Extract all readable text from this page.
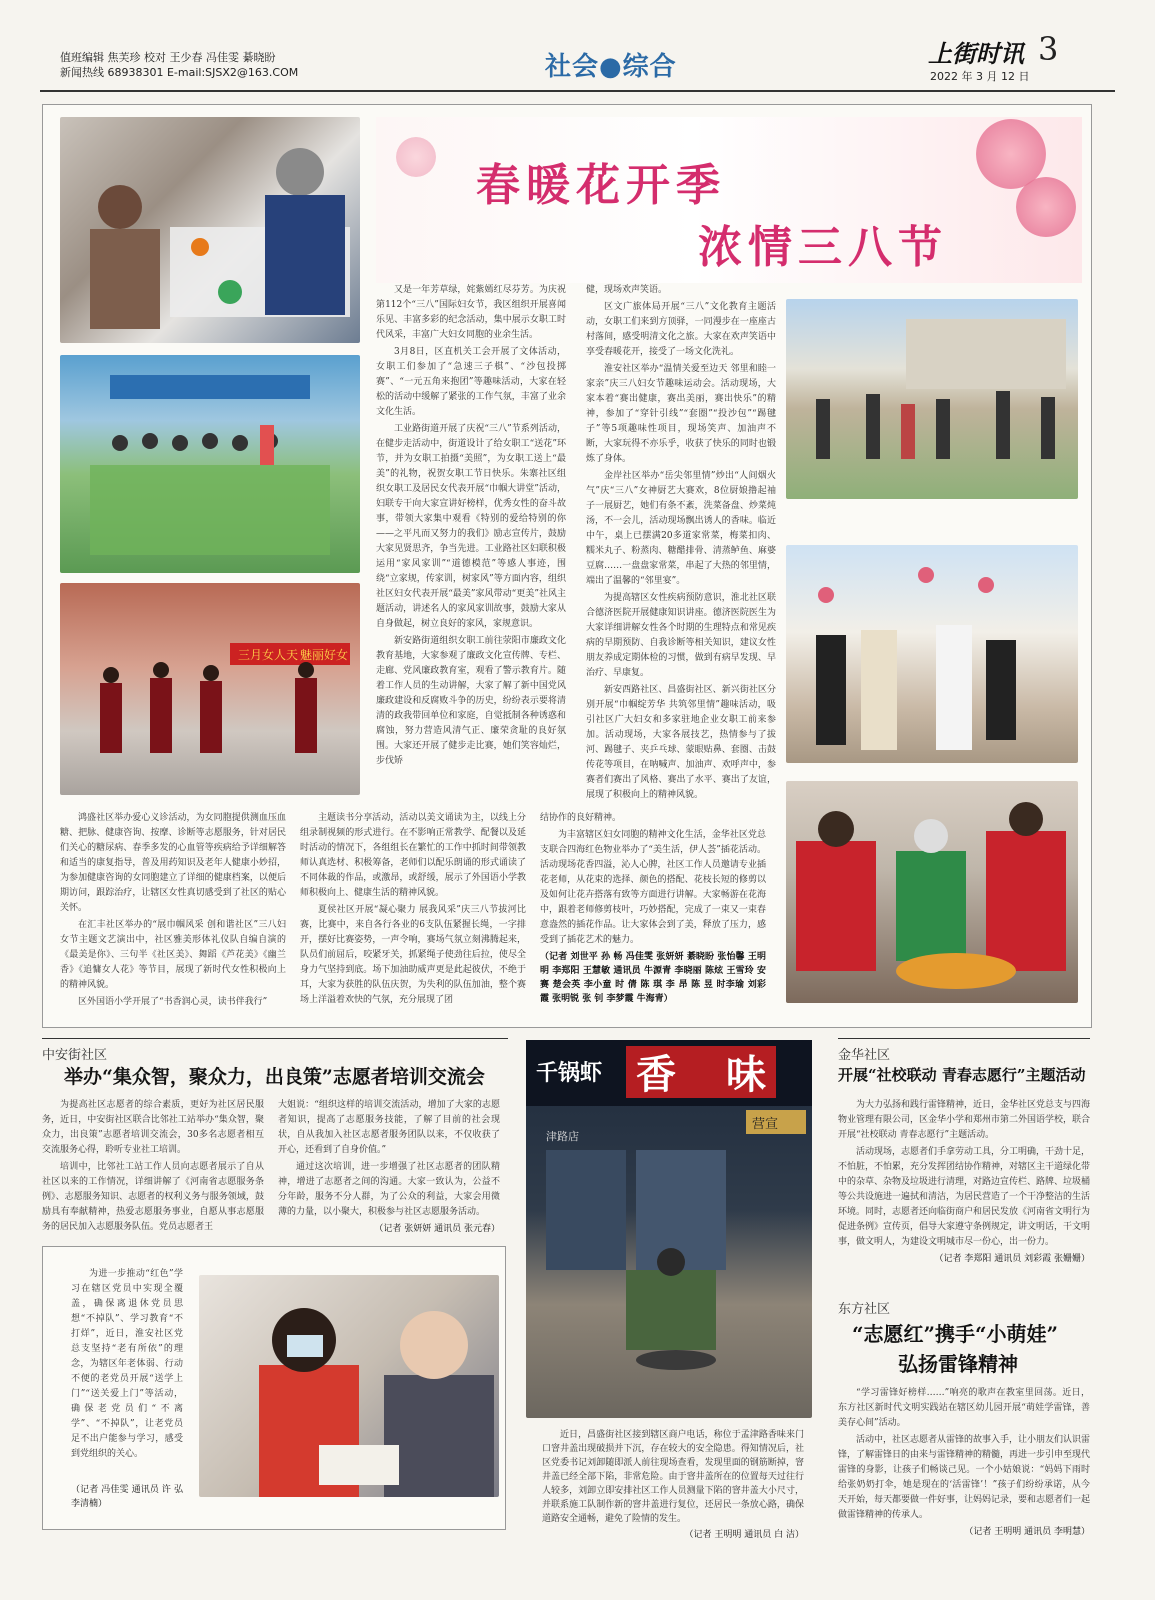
值班编辑 焦芙珍 校对 王少春 冯佳雯 綦晓盼
新闻热线 68938301 E-mail:SJSX2@163.COM	社会●综合	上街时讯
2022 年 3 月 12 日
3
三月女人天 魅丽好女
春暖花开季
浓情三八节

又是一年芳草绿，姹紫嫣红尽芬芳。为庆祝第112个“三八”国际妇女节，我区组织开展喜闻乐见、丰富多彩的纪念活动，集中展示女职工时代风采，丰富广大妇女同胞的业余生活。

3月8日，区直机关工会开展了文体活动，女职工们参加了“急速三子棋”、“沙包投掷赛”、“一元五角来抱团”等趣味活动，大家在轻松的活动中缓解了紧张的工作气氛，丰富了业余文化生活。

工业路街道开展了庆祝“三八”节系列活动，在健步走活动中，街道设计了给女职工“送花”环节，并为女职工拍摄“美照”，为女职工送上“最美”的礼物，祝贺女职工节日快乐。朱寨社区组织女职工及居民女代表开展“巾帼大讲堂”活动，妇联专干向大家宣讲好榜样，优秀女性的奋斗故事，带领大家集中观看《特别的爱给特别的你——之平凡而又努力的我们》励志宣传片，鼓励大家见贤思齐，争当先进。工业路社区妇联积极运用“家风家训”“道德模范”等感人事迹，围绕“立家规，传家训，树家风”等方面内容，组织社区妇女代表开展“最美”家风带动“更美”社风主题活动，讲述名人的家风家训故事，鼓励大家从自身做起，树立良好的家风，家规意识。

新安路街道组织女职工前往荥阳市廉政文化教育基地，大家参观了廉政文化宣传牌、专栏、走廊、党风廉政教育室，观看了警示教育片。随着工作人员的生动讲解，大家了解了新中国党风廉政建设和反腐败斗争的历史，纷纷表示要将清清的政我带回单位和家庭，自觉抵制各种诱惑和腐蚀，努力营造风清气正、廉荣贪耻的良好氛围。大家还开展了健步走比赛，她们笑容灿烂，步伐矫

健，现场欢声笑语。

区文广旅体局开展“三八”文化教育主题活动，女职工们来到方顶驿，一同漫步在一座座古村落间，感受明清文化之旅。大家在欢声笑语中享受春暖花开，接受了一场文化洗礼。

淮安社区举办“温情关爱至边天 邻里和睦一家亲”庆三八妇女节趣味运动会。活动现场，大家本着“赛出健康，赛出美丽，赛出快乐”的精神，参加了“穿针引线”“套圈”“投沙包”“踢毽子”等5项趣味性项目，现场笑声、加油声不断，大家玩得不亦乐乎，收获了快乐的同时也锻炼了身体。

金岸社区举办“岳尖邻里情”炒出“人间烟火气”庆“三八”女神厨艺大赛欢，8位厨娘撸起袖子一展厨艺，她们有条不紊，洗菜备盘、炒菜炖汤，不一会儿，活动现场飘出诱人的香味。临近中午，桌上已摆满20多道家常菜，梅菜扣肉、糯米丸子、粉蒸肉、糖醋排骨、清蒸鲈鱼、麻婆豆腐……一盘盘家常菜，串起了大热的邻里情，端出了温馨的“邻里宴”。

为提高辖区女性疾病预防意识，淮北社区联合德济医院开展健康知识讲座。德济医院医生为大家详细讲解女性各个时期的生理特点和常见疾病的早期预防、自我诊断等相关知识，建议女性朋友养成定期体检的习惯，做到有病早发现、早治疗、早康复。

新安西路社区、昌盛街社区、新兴街社区分别开展“巾帼绽芳华 共筑邻里情”趣味活动，吸引社区广大妇女和多家驻地企业女职工前来参加。活动现场，大家各展技艺，热情参与了拔河、踢毽子、夹乒乓球、蒙眼贴鼻、套圈、击鼓传花等项目，在呐喊声、加油声、欢呼声中，参赛者们赛出了风格、赛出了水平、赛出了友谊，展现了积极向上的精神风貌。

鸿盛社区举办爱心义诊活动，为女同胞提供测血压血糖、把脉、健康咨询、按摩、诊断等志愿服务，针对居民们关心的糖尿病、春季多发的心血管等疾病给予详细解答和适当的康复指导，普及用药知识及老年人健康小妙招，为参加健康咨询的女同胞建立了详细的健康档案，以便后期访问，跟踪治疗，让辖区女性真切感受到了社区的贴心关怀。

在汇丰社区举办的“展巾帼风采 创和谐社区”三八妇女节主题文艺演出中，社区雅美形体礼仪队自编自演的《最美是你》、三句半《社区美》、舞蹈《芦花美》《幽兰香》《追慵女人花》等节目，展现了新时代女性积极向上的精神风貌。

区外国语小学开展了“书香润心灵，读书伴我行”

主题读书分享活动，活动以美文诵读为主，以线上分组录制视频的形式进行。在不影响正常教学、配餐以及延时活动的情况下，各组组长在繁忙的工作中抓时间带领教师认真选材、积极筹备，老师们以配乐朗诵的形式诵读了不同体裁的作品，或激昂，或舒缓，展示了外国语小学教师积极向上、健康生活的精神风貌。

夏侯社区开展“凝心聚力 展我风采”庆三八节拔河比赛，比赛中，来自各行各业的6支队伍紧握长绳，一字排开，摆好比赛姿势，一声令响，赛场气氛立刻沸腾起来，队员们前屈后，咬紧牙关，抓紧绳子使劲往后拉，使尽全身力气坚持到底。场下加油助威声更是此起彼伏，不绝于耳，大家为获胜的队伍庆贺，为失利的队伍加油，整个赛场上洋溢着欢快的气氛，充分展现了团

结协作的良好精神。

为丰富辖区妇女同胞的精神文化生活，金华社区党总支联合四海红色物业举办了“美生活，伊人荟”插花活动。活动现场花香四溢，沁人心脾，社区工作人员邀请专业插花老师，从花束的选择、颜色的搭配、花枝长短的修剪以及如何让花卉搭落有致等方面进行讲解。大家畅游在花海中，跟着老师修剪枝叶，巧妙搭配，完成了一束又一束春意盎然的插花作品。让大家体会到了美，释放了压力，感受到了插花艺术的魅力。

（记者 刘世平 孙 畅 冯佳雯 张妍妍 綦晓盼 张怡馨 王明明 李郑阳 王慧敏 通讯员 牛源青 李晓丽 陈炫 王雪玲 安 赛 楚会英 李小童 时 倩 陈 琪 李 昂 陈 昱 时李瑜 刘彩霞 张明锐 张 钊 李梦霞 牛海青）

中安街社区
举办“集众智，聚众力，出良策”志愿者培训交流会

为提高社区志愿者的综合素质，更好为社区居民服务，近日，中安街社区联合比邻社工站举办“集众智，聚众力，出良策”志愿者培训交流会，30多名志愿者相互交流服务心得，聆听专业社工培训。

培训中，比邻社工站工作人员向志愿者展示了自从社区以来的工作情况，详细讲解了《河南省志愿服务条例》、志愿服务知识、志愿者的权利义务与服务领域，鼓励具有奉献精神，热爱志愿服务事业，自愿从事志愿服务的居民加入志愿服务队伍。党员志愿者王

大姐说：“组织这样的培训交流活动，增加了大家的志愿者知识，提高了志愿服务技能，了解了目前的社会现状，自从我加入社区志愿者服务团队以来，不仅收获了开心，还看到了自身价值。”

通过这次培训，进一步增强了社区志愿者的团队精神，增进了志愿者之间的沟通。大家一致认为，公益不分年龄，服务不分人群，为了公众的利益，大家会用微薄的力量，以小聚大，积极参与社区志愿服务活动。

（记者 张妍妍 通讯员 张元春）

为进一步推动“红色”学习在辖区党员中实现全覆盖，确保离退休党员思想“不掉队”、学习教育“不打烊”，近日，淮安社区党总支坚持“老有所依”的理念，为辖区年老体弱、行动不便的老党员开展“送学上门”“送关爱上门”等活动，确保老党员们“不离学”、“不掉队”，让老党员足不出户能参与学习，感受到党组织的关心。

（记者 冯佳雯 通讯员 许 弘 李清楠）
千锅虾 香 味
营宣
津路店

近日，昌盛街社区接到辖区商户电话，称位于孟津路香味来门口窨井盖出现破损并下沉，存在较大的安全隐患。得知情况后，社区党委书记刘卸随即派人前往现场查看，发现里面的钢筋断掉，窨井盖已经全部下陷，非常危险。由于窨井盖所在的位置每天过往行人较多，刘卸立即安排社区工作人员测量下陷的窨井盖大小尺寸，并联系施工队制作新的窨井盖进行复位，还居民一条放心路，确保道路安全通畅，避免了险情的发生。

（记者 王明明 通讯员 白 洁）

金华社区
开展“社校联动 青春志愿行”主题活动

为大力弘扬和践行雷锋精神，近日，金华社区党总支与四海物业管理有限公司，区金华小学和郑州市第二外国语学校，联合开展“社校联动 青春志愿行”主题活动。

活动现场，志愿者们手拿劳动工具，分工明确，干劲十足，不怕脏，不怕累，充分发挥团结协作精神，对辖区主干道绿化带中的杂草、杂物及垃圾进行清理，对路边宣传栏、路牌、垃圾桶等公共设施进一遍拭和清洁，为居民营造了一个干净整洁的生活环境。同时，志愿者还向临街商户和居民发放《河南省文明行为促进条例》宣传页，倡导大家遵守条例规定，讲文明话，干文明事，做文明人，为建设文明城市尽一份心，出一份力。

（记者 李郑阳 通讯员 刘彩霞 张姗姗）

东方社区
“志愿红”携手“小萌娃”
弘扬雷锋精神

“学习雷锋好榜样……”响亮的歌声在教室里回荡。近日，东方社区新时代文明实践站在辖区幼儿园开展“萌娃学雷锋，善美存心间”活动。

活动中，社区志愿者从雷锋的故事入手，让小朋友们认识雷锋，了解雷锋日的由来与雷锋精神的精髓，再进一步引申至现代雷锋的身影，让孩子们畅谈己见。一个小姑娘说：“妈妈下雨时给张奶奶打伞，她是现在的‘活雷锋’！”孩子们纷纷承诺，从今天开始，每天都要做一件好事，让妈妈记录，要和志愿者们一起做雷锋精神的传承人。

（记者 王明明 通讯员 李明慧）
